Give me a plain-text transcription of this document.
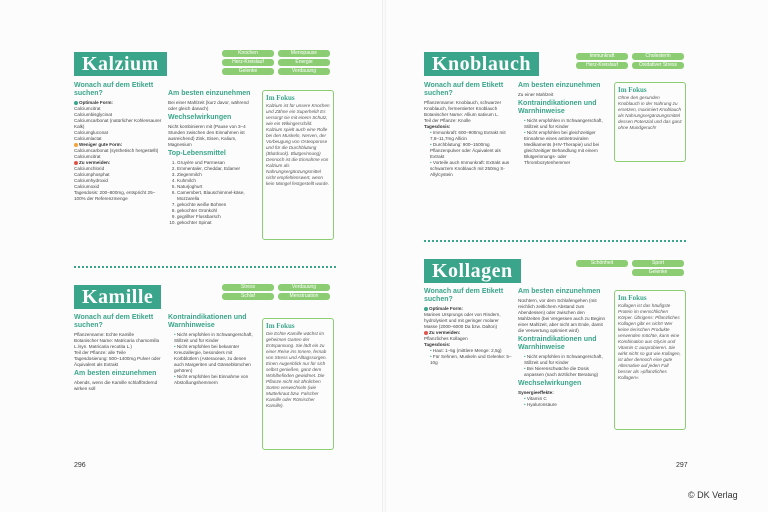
Kalzium	Knochen	Menopause
Herz-Kreislauf	Energie
Gelenke	Verdauung
Wonach auf dem Etikett suchen?
Optimale Form:
Calciumcitrat
Calciumbisglycinat
Calciumcarbonat (natürlicher Kohlensaurer Kalk)
Calciumgluconat
Calciumlactat
Weniger gute Form:
Calciumcarbonat (synthetisch hergestellt)
Calciumcitrat
Zu vermeiden:
Calciumchlorid
Calciumphosphat
Calciumhydroxid
Calciumoxid
Tagesdosis: 200–800mg, entspricht 25–100% der Referenzmenge
Am besten einzunehmen
Bei einer Mahlzeit (kurz davor, während oder gleich danach)
Wechselwirkungen
Nicht kombinieren mit (Pause von 3–4 Stunden zwischen den Einnahmen ist ausreichend) Zink, Eisen, Kalium, Magnesium
Top-Lebensmittel
1. Gruyère und Parmesan
2. Emmentaler, Cheddar, Edamer
3. Ziegenmilch
4. Kuhmilch
5. Naturjoghurt
6. Camembert, Blauschimmel-käse, Mozzarella
7. gekochte weiße Bohnen
8. gekochter Grünkohl
9. gegrillter Flussbarsch
10. gekochter Spinat
Im Fokus
Kalzium ist für unsere Knochen und Zähne ein Superheld! Es versorgt sie mit einem Schutz, wie ein Wikingerschild. Kalzium spielt auch eine Rolle bei den Muskeln, Nerven, der Vorbeugung von Osteoporose und für die Durchblutung (Blutdruck). Blutgerinnung) Dennoch ist die Einnahme von Kalzium als Nahrungsergänzungsmittel nicht empfehlenswert, wenn kein Mangel festgestellt wurde.
Kamille	Stress	Verdauung
Schlaf	Menstruation
Wonach auf dem Etikett suchen?
Pflanzenname: Echte Kamille
Botanischer Name: Matricaria chamomilla L./syn. Matricaria recutita L.)
Teil der Pflanze: alle Teile
Tagesdosierung: 500–1400mg Pulver oder Äquivalent als Extrakt
Am besten einzunehmen
Abends, wenn die Kamille schlaffördernd wirken soll
Kontraindikationen und Warnhinweise
• Nicht empfohlen in Schwangerschaft, Stillzeit und für Kinder
• Nicht empfohlen bei bekannter Kreuzallergie, besonders mit Korbblütlern (Asteraceae, zu denen auch Margeriten und Gänseblümchen gehören)
• Nicht empfohlen bei Einnahme von Abstoßungshemmern
Im Fokus
Die Echte Kamille wächst im geheimen Garten der Entspannung. Sie lädt ein zu einer Reise ins Innere, fernab von Stress und Alltagssorgen. Einen Augenblick nur für sich selbst genießen, ganz dem Wohlbefinden gewidmet. Die Pflanze nicht mit ähnlichen Sorten verwechseln (wie Mutterkraut bzw. Falscher Kamille oder Römischer Kamille).
296
Knoblauch	Immunkraft	Cholesterin
Herz-Kreislauf	Oxidativer Stress
Wonach auf dem Etikett suchen?
Pflanzenname: Knoblauch, schwarzer Knoblauch, fermentierter Knoblauch
Botanischer Name: Allium sativum L.
Teil der Pflanze: Knolle
Tagesdosis:
• Immunkraft: 600–900mg Extrakt mit 7,8–11,7mg Allicin
• Durchblutung: 900–1500mg Pflanzenpulver oder Äquivalent als Extrakt
• Vorteile auch Immunkraft: Extrakt aus schwarzem Knoblauch mit 250mg S-Allylcystein
Am besten einzunehmen
Zu einer Mahlzeit
Kontraindikationen und Warnhinweise
• Nicht empfohlen in Schwangerschaft, Stillzeit und für Kinder
• Nicht empfohlen bei gleichzeitiger Einnahme eines antiretroviralen Medikaments (HIV-Therapie) und bei gleichzeitiger Behandlung mit einem Blutgerinnungs- oder Thrombozytenhemmer
Im Fokus
Ohne den gesunden Knoblauch in der Nahrung zu ersetzen, maximiert Knoblauch als Nahrungsergänzungsmittel dessen Potenzial und das ganz ohne Mundgeruch!
Kollagen	Schönheit	Sport
Gelenke
Wonach auf dem Etikett suchen?
Optimale Form:
Marines Ursprungs oder von Rindern, hydrolysiert und mit geringer molarer Masse (2000–6000 Da bzw. Dalton)
Zu vermeiden:
Pflanzliches Kollagen
Tagesdosis:
• Haut: 1–5g (mittlere Menge: 2,5g)
• Für Sehnen, Muskeln und Gelenke: 5–10g
Am besten einzunehmen
Nüchtern, vor dem Schlafengehen (mit reichlich zeitlichem Abstand zum Abendessen) oder zwischen den Mahlzeiten (bei Vergessen auch zu Beginn einer Mahlzeit, aber nicht am Ende, damit die Verwertung optimiert wird)
Kontraindikationen und Warnhinweise
• Nicht empfohlen in Schwangerschaft, Stillzeit und für Kinder
• Bei Nierenschwäche die Dosis anpassen (nach ärztlicher Beratung)
Wechselwirkungen
Synergieeffekte:
• Vitamin C
• Hyaluronsäure
Im Fokus
Kollagen ist das häufigste Protein im menschlichen Körper. Übrigens: Pflanzliches Kollagen gibt es nicht! Wer keine tierischen Produkte verwenden möchte, kann eine Kombination aus Glycin und Vitamin C ausprobieren. Sie wirkt nicht so gut wie Kollagen, ist aber dennoch eine gute Alternative auf jeden Fall besser als »pflanzliches Kollagen«.
297
© DK Verlag
